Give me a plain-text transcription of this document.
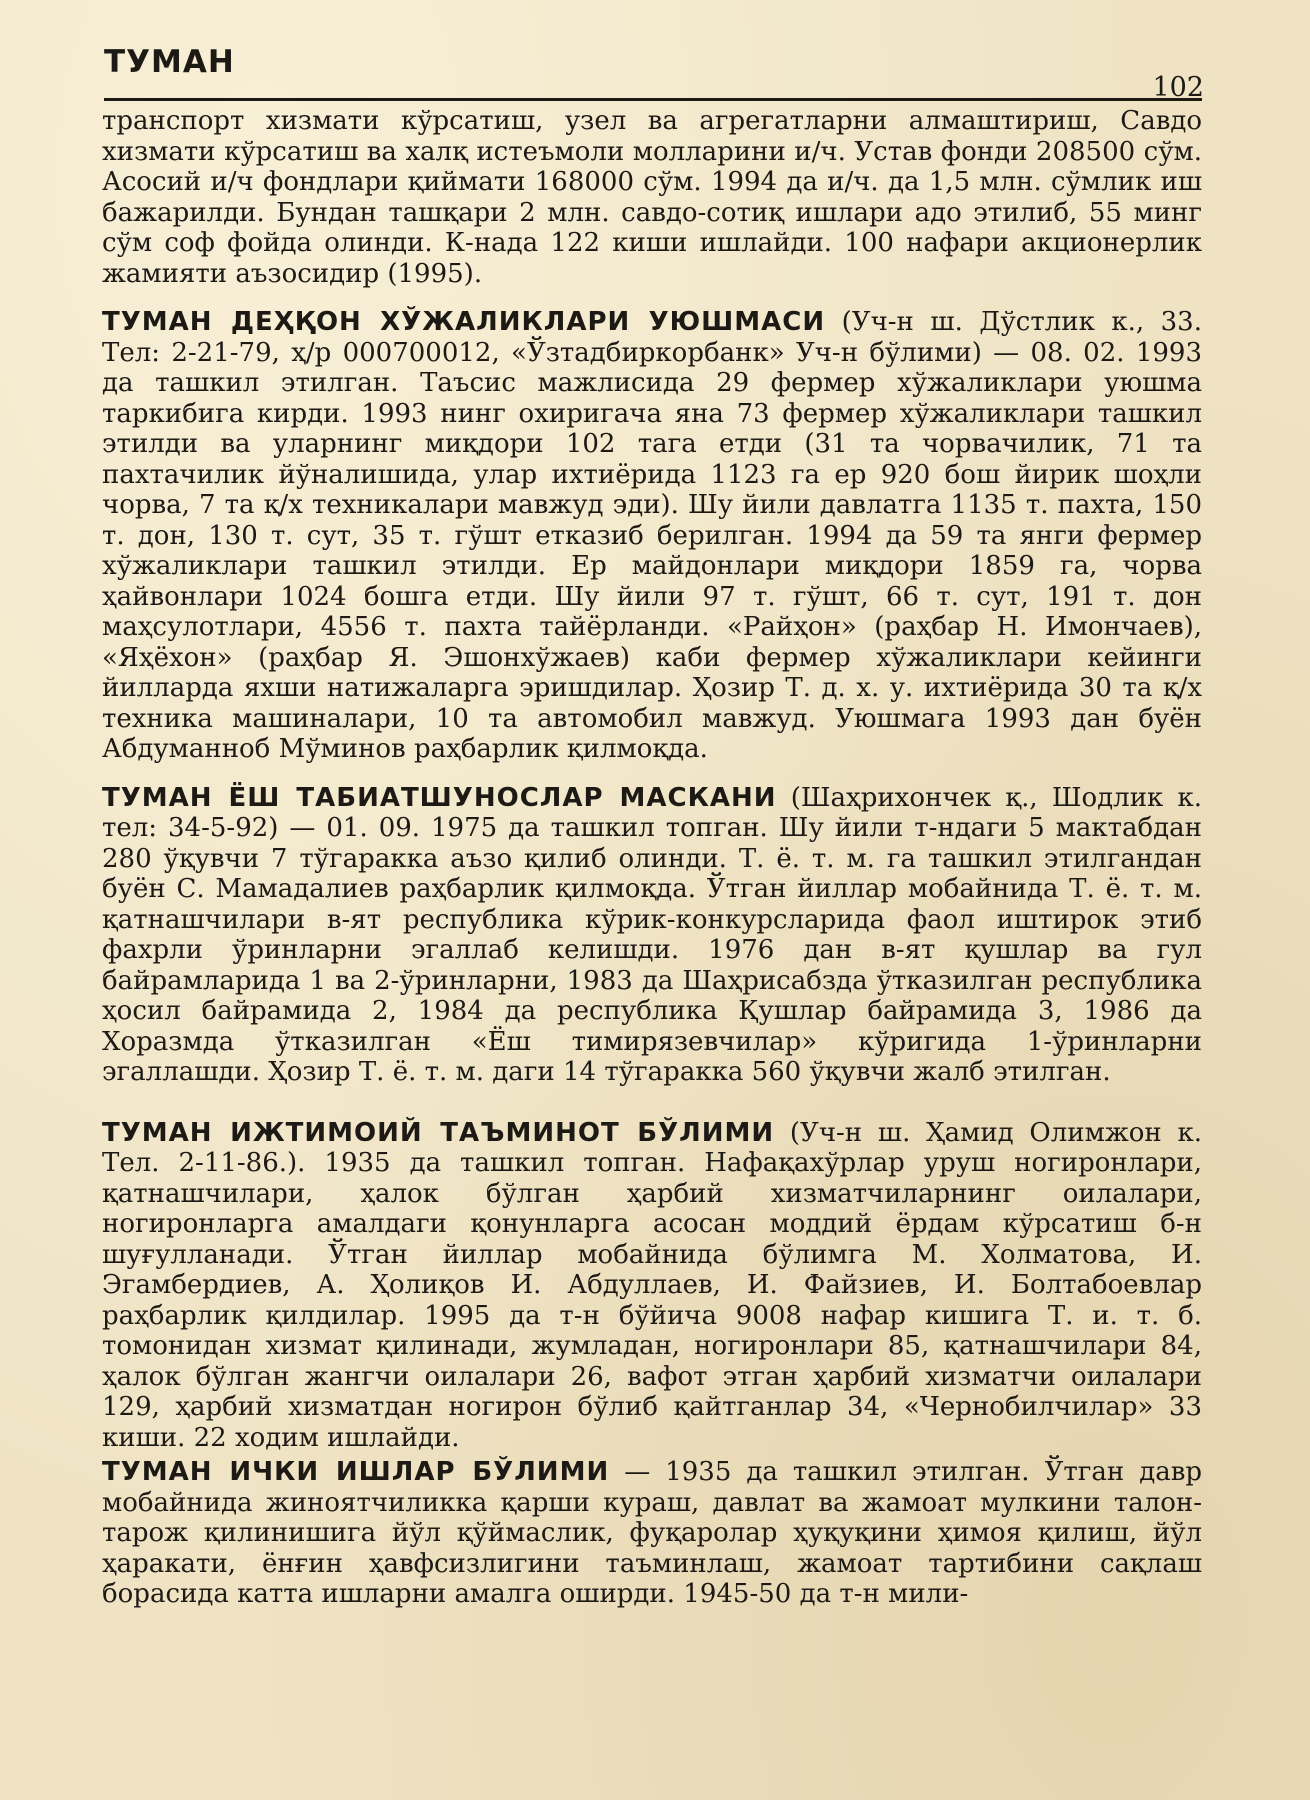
ТУМАН
102

транспорт хизмати кўрсатиш, узел ва агрегатларни алмаштириш, Савдо хизмати кўрсатиш ва халқ истеъмоли молларини и/ч. Устав фонди 208500 сўм. Асосий и/ч фондлари қиймати 168000 сўм. 1994 да и/ч. да 1,5 млн. сўмлик иш бажарилди. Бундан ташқари 2 млн. савдо-сотиқ ишлари адо этилиб, 55 минг сўм соф фойда олинди. К-нада 122 киши ишлайди. 100 нафари акционерлик жамияти аъзосидир (1995).

ТУМАН ДЕҲҚОН ХЎЖАЛИКЛАРИ УЮШМАСИ (Уч-н ш. Дўстлик к., 33. Тел: 2-21-79, ҳ/р 000700012, «Ўзтадбиркорбанк» Уч-н бўлими) — 08. 02. 1993 да ташкил этилган. Таъсис мажлисида 29 фермер хўжаликлари уюшма таркибига кирди. 1993 нинг охиригача яна 73 фермер хўжаликлари ташкил этилди ва уларнинг миқдори 102 тага етди (31 та чорвачилик, 71 та пахтачилик йўналишида, улар ихтиёрида 1123 га ер 920 бош йирик шоҳли чорва, 7 та қ/х техникалари мавжуд эди). Шу йили давлатга 1135 т. пахта, 150 т. дон, 130 т. сут, 35 т. гўшт етказиб берилган. 1994 да 59 та янги фермер хўжаликлари ташкил этилди. Ер майдонлари миқдори 1859 га, чорва ҳайвонлари 1024 бошга етди. Шу йили 97 т. гўшт, 66 т. сут, 191 т. дон маҳсулотлари, 4556 т. пахта тайёрланди. «Райҳон» (раҳбар Н. Имончаев), «Яҳёхон» (раҳбар Я. Эшонхўжаев) каби фермер хўжаликлари кейинги йилларда яхши натижаларга эришдилар. Ҳозир Т. д. х. у. ихтиёрида 30 та қ/х техника машиналари, 10 та автомобил мавжуд. Уюшмага 1993 дан буён Абдуманноб Мўминов раҳбарлик қилмоқда.

ТУМАН ЁШ ТАБИАТШУНОСЛАР МАСКАНИ (Шаҳрихончек қ., Шодлик к. тел: 34-5-92) — 01. 09. 1975 да ташкил топган. Шу йили т-ндаги 5 мактабдан 280 ўқувчи 7 тўгаракка аъзо қилиб олинди. Т. ё. т. м. га ташкил этилгандан буён С. Мамадалиев раҳбарлик қилмоқда. Ўтган йиллар мобайнида Т. ё. т. м. қатнашчилари в-ят республика кўрик-конкурсларида фаол иштирок этиб фахрли ўринларни эгаллаб келишди. 1976 дан в-ят қушлар ва гул байрамларида 1 ва 2-ўринларни, 1983 да Шаҳрисабзда ўтказилган республика ҳосил байрамида 2, 1984 да республика Қушлар байрамида 3, 1986 да Хоразмда ўтказилган «Ёш тимирязевчилар» кўригида 1-ўринларни эгаллашди. Ҳозир Т. ё. т. м. даги 14 тўгаракка 560 ўқувчи жалб этилган.

ТУМАН ИЖТИМОИЙ ТАЪМИНОТ БЎЛИМИ (Уч-н ш. Ҳамид Олимжон к. Тел. 2-11-86.). 1935 да ташкил топган. Нафақахўрлар уруш ногиронлари, қатнашчилари, ҳалок бўлган ҳарбий хизматчиларнинг оилалари, ногиронларга амалдаги қонунларга асосан моддий ёрдам кўрсатиш б-н шуғулланади. Ўтган йиллар мобайнида бўлимга М. Холматова, И. Эгамбердиев, А. Ҳолиқов И. Абдуллаев, И. Файзиев, И. Болтабоевлар раҳбарлик қилдилар. 1995 да т-н бўйича 9008 нафар кишига Т. и. т. б. томонидан хизмат қилинади, жумладан, ногиронлари 85, қатнашчилари 84, ҳалок бўлган жангчи оилалари 26, вафот этган ҳарбий хизматчи оилалари 129, ҳарбий хизматдан ногирон бўлиб қайтганлар 34, «Чернобилчилар» 33 киши. 22 ходим ишлайди.

ТУМАН ИЧКИ ИШЛАР БЎЛИМИ — 1935 да ташкил этилган. Ўтган давр мобайнида жиноятчиликка қарши кураш, давлат ва жамоат мулкини талон-тарож қилинишига йўл қўймаслик, фуқаролар ҳуқуқини ҳимоя қилиш, йўл ҳаракати, ёнғин ҳавфсизлигини таъминлаш, жамоат тартибини сақлаш борасида катта ишларни амалга оширди. 1945-50 да т-н мили-
